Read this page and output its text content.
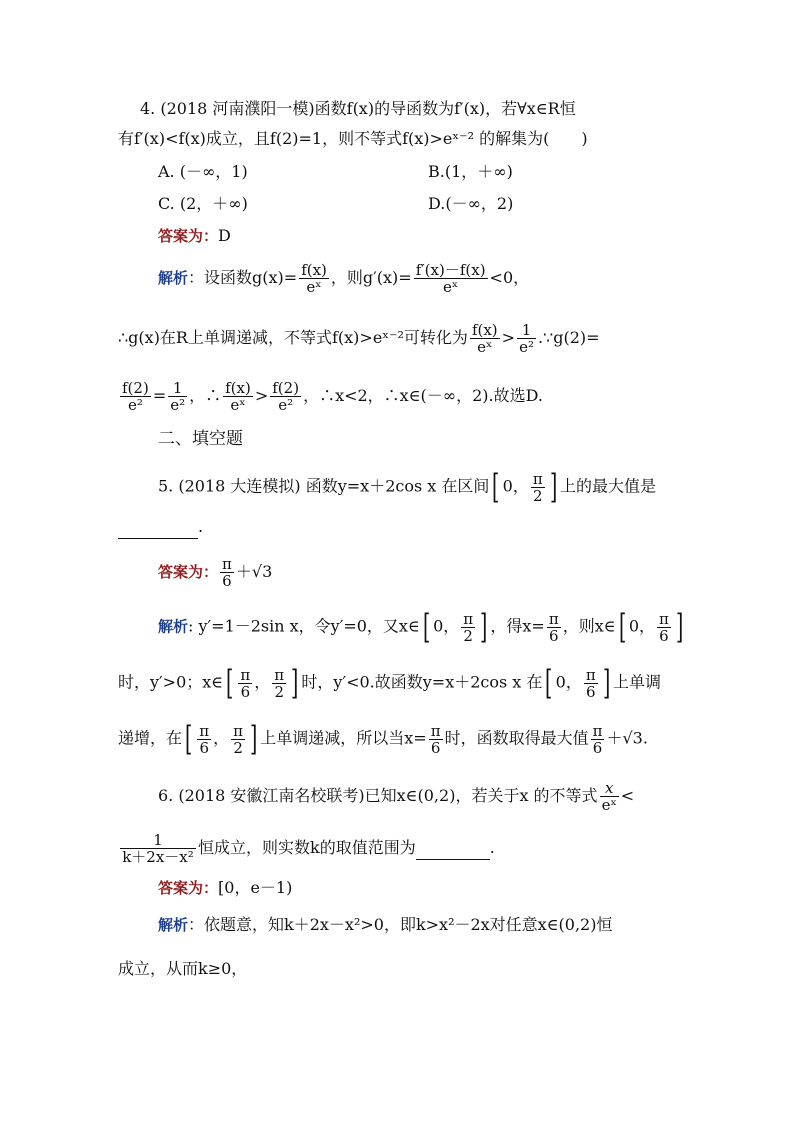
4. (2018 河南濮阳一模)函数f(x)的导函数为f′(x)，若∀x∈R恒
有f′(x)<f(x)成立，且f(2)=1，则不等式f(x)>eˣ⁻² 的解集为(　　)
A. (－∞，1)	B.(1，＋∞)
C. (2，＋∞)	D.(－∞，2)
答案为：D
解析：设函数$g(x)= \frac{f(x)}{\text{eˣ}}$ ，则$g'(x)= \frac{f'(x)-f(x)}{\text{eˣ}} <0$，
∴g(x)在R上单调递减，不等式f(x)>eˣ⁻²可转化为 $\frac{f(x)}{\text{eˣ}} > \frac{1}{\text{e²}}$ .∵g(2)=
$\frac{f(2)}{\text{e²}} = \frac{1}{\text{e²}}$ ，∴ $\frac{f(x)}{\text{eˣ}} > \frac{f(2)}{\text{e²}}$ ，∴x<2，∴x∈(－∞，2).故选D.
二、填空题
5. (2018 大连模拟) 函数y=x＋2cos x 在区间[ 0， $\frac{\pi}{2}$ ] 上的最大值是
.
答案为： $\frac{\pi}{6} +√3$
解析: y′=1－2sin x，令y′=0，又x∈[ 0， $\frac{\pi}{2}$ ] ，得$x= \frac{\pi}{6}$ ，则x∈[ 0， $\frac{\pi}{6}$ ]
时，y′>0；x∈[ $\frac{\pi}{6}$ ， $\frac{\pi}{2}$ ] 时，y′<0.故函数y=x＋2cos x 在[ 0， $\frac{\pi}{6}$ ] 上单调
递增，在[ $\frac{\pi}{6}$ ， $\frac{\pi}{2}$ ] 上单调递减，所以当$x= \frac{\pi}{6}$ 时，函数取得最大值 $\frac{\pi}{6} +√3$.
6. (2018 安徽江南名校联考)已知x∈(0,2)，若关于x 的不等式 $\frac{x}{\text{eˣ}}$ <
$\frac{1}{\text{k＋2x－x²}}$ 恒成立，则实数k的取值范围为	.
答案为：[0，e－1)
解析：依题意，知k＋2x－x²>0，即k>x²－2x对任意x∈(0,2)恒
成立，从而k≥0，
